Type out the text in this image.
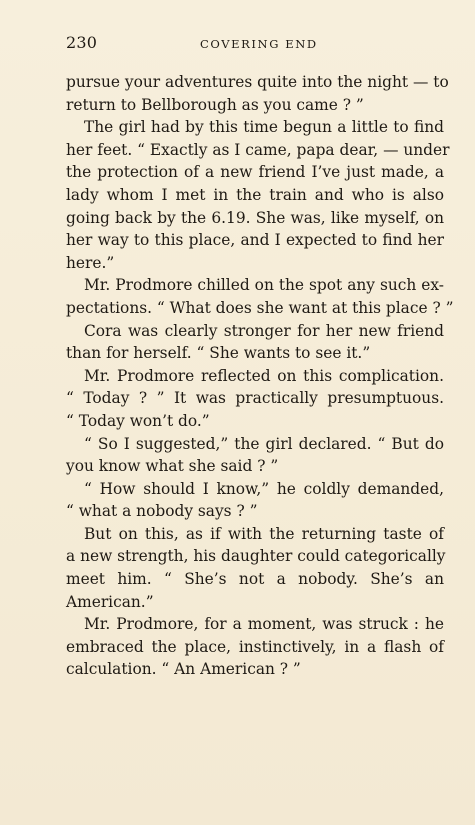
230	COVERING END
pursue your adventures quite into the night — to
return to Bellborough as you came ? ”
The girl had by this time begun a little to find
her feet. “ Exactly as I came, papa dear, — under
the protection of a new friend I’ve just made, a
lady whom I met in the train and who is also
going back by the 6.19. She was, like myself, on
her way to this place, and I expected to find her
here.”
Mr. Prodmore chilled on the spot any such ex-
pectations. “ What does she want at this place ? ”
Cora was clearly stronger for her new friend
than for herself. “ She wants to see it.”
Mr. Prodmore reflected on this complication.
“ Today ? ” It was practically presumptuous.
“ Today won’t do.”
“ So I suggested,” the girl declared. “ But do
you know what she said ? ”
“ How should I know,” he coldly demanded,
“ what a nobody says ? ”
But on this, as if with the returning taste of
a new strength, his daughter could categorically
meet him. “ She’s not a nobody. She’s an
American.”
Mr. Prodmore, for a moment, was struck : he
embraced the place, instinctively, in a flash of
calculation. “ An American ? ”
